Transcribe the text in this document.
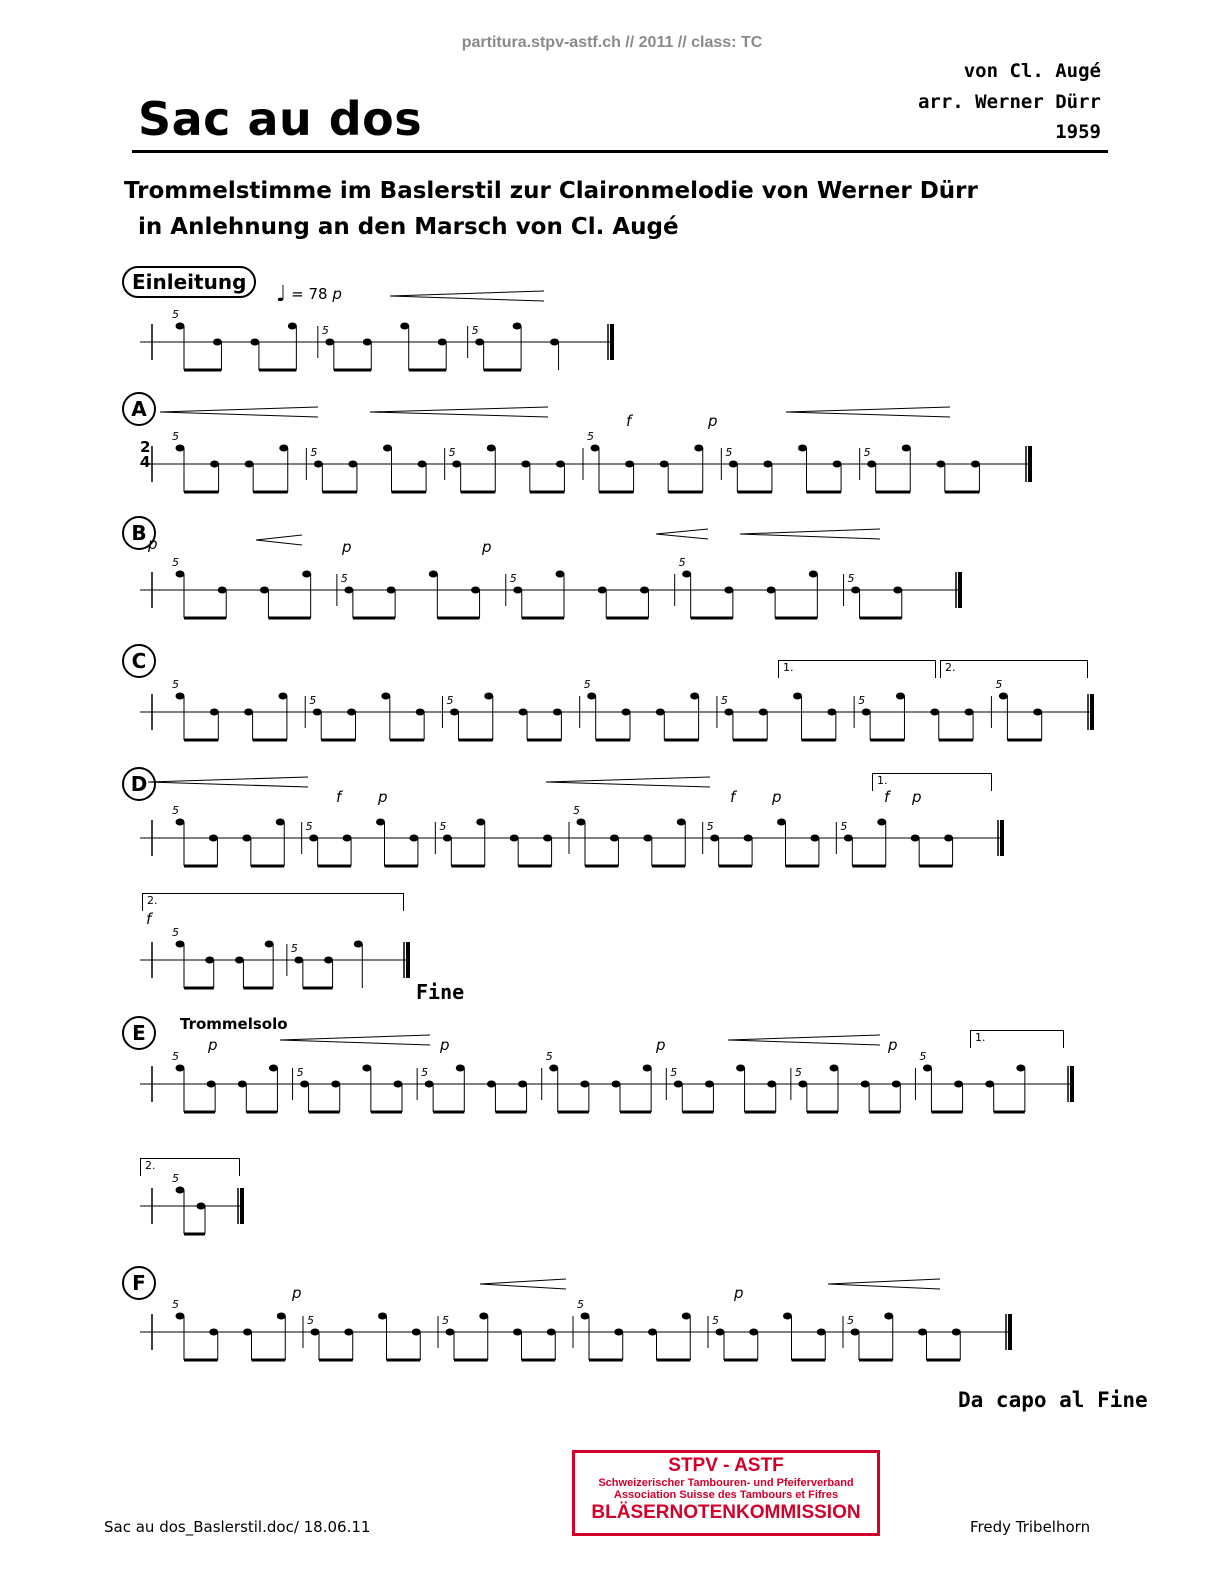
partitura.stpv-astf.ch // 2011 // class: TC
Sac au dos
von Cl. Augé
arr. Werner Dürr
1959
Trommelstimme im Baslerstil zur Claironmelodie von Werner Dürr
in Anlehnung an den Marsch von Cl. Augé
Einleitung	♩ = 78 p
A
B
C
D
E
F
Trommelsolo
Fine
Da capo al Fine
2
4
1.	2.
1.
2.
1.
2.
p	p	p
f	p
f p	f p	f p
f
p	p	p	p
p	p
5
5	5
5
5	5
5
5	5
5
5	5
5
5
5
5	5
5
5	5
5
5
5	5
5
5	5
5
5
5
5	5
5
5	5
5
5
5
5	5
5
5	5
STPV - ASTF
Schweizerischer Tambouren- und Pfeiferverband
Association Suisse des Tambours et Fifres
BLÄSERNOTENKOMMISSION
Sac au dos_Baslerstil.doc/ 18.06.11	Fredy Tribelhorn
